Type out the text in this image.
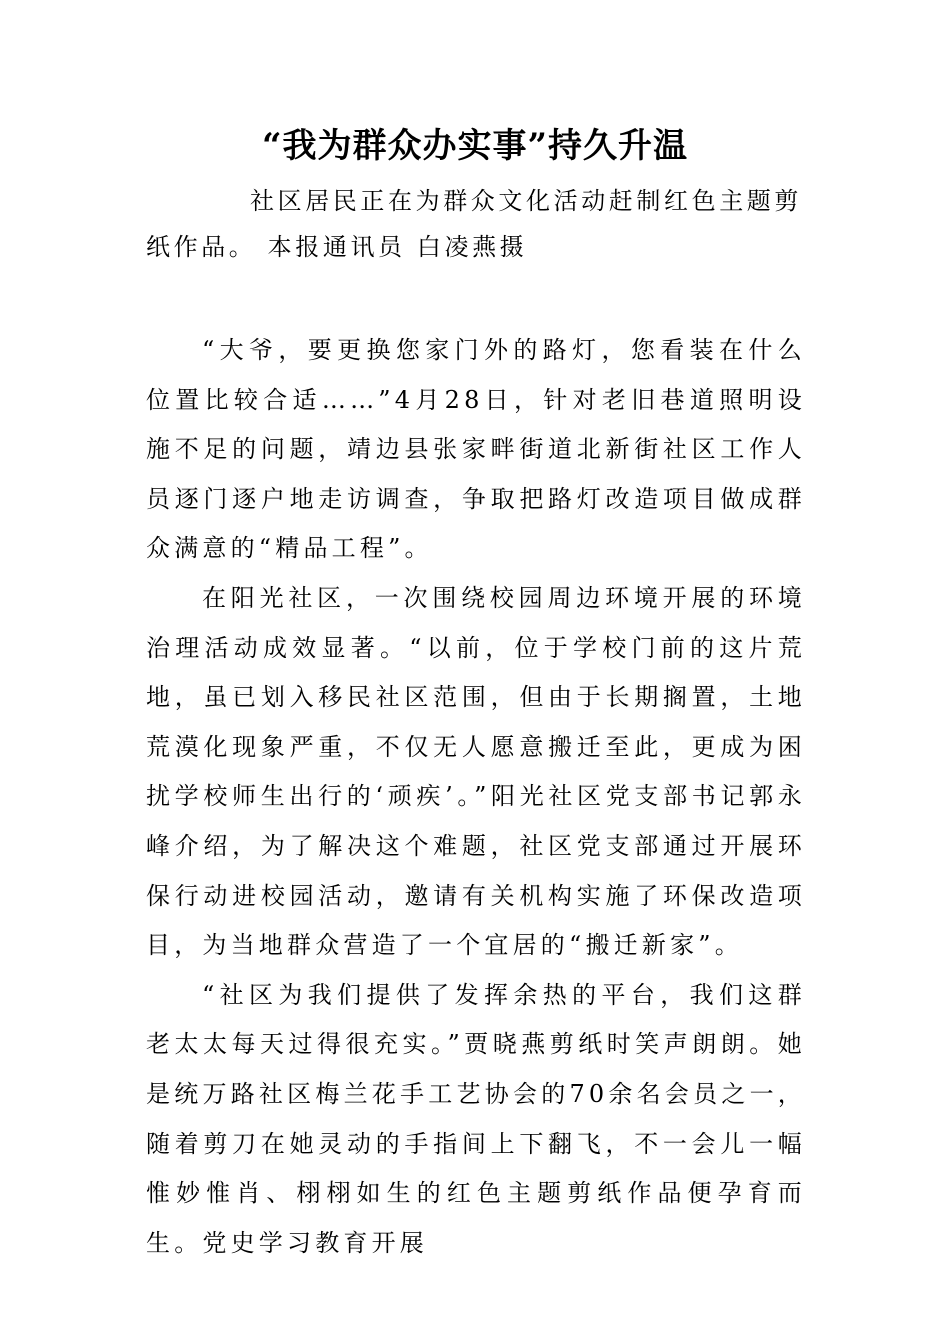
“我为群众办实事”持久升温

社区居民正在为群众文化活动赶制红色主题剪纸作品。 本报通讯员 白凌燕摄

“大爷，要更换您家门外的路灯，您看装在什么位置比较合适……”4月28日，针对老旧巷道照明设施不足的问题，靖边县张家畔街道北新街社区工作人员逐门逐户地走访调查，争取把路灯改造项目做成群众满意的“精品工程”。

在阳光社区，一次围绕校园周边环境开展的环境治理活动成效显著。“以前，位于学校门前的这片荒地，虽已划入移民社区范围，但由于长期搁置，土地荒漠化现象严重，不仅无人愿意搬迁至此，更成为困扰学校师生出行的‘顽疾’。”阳光社区党支部书记郭永峰介绍，为了解决这个难题，社区党支部通过开展环保行动进校园活动，邀请有关机构实施了环保改造项目，为当地群众营造了一个宜居的“搬迁新家”。

“社区为我们提供了发挥余热的平台，我们这群老太太每天过得很充实。”贾晓燕剪纸时笑声朗朗。她是统万路社区梅兰花手工艺协会的70余名会员之一，随着剪刀在她灵动的手指间上下翻飞，不一会儿一幅惟妙惟肖、栩栩如生的红色主题剪纸作品便孕育而生。党史学习教育开展
